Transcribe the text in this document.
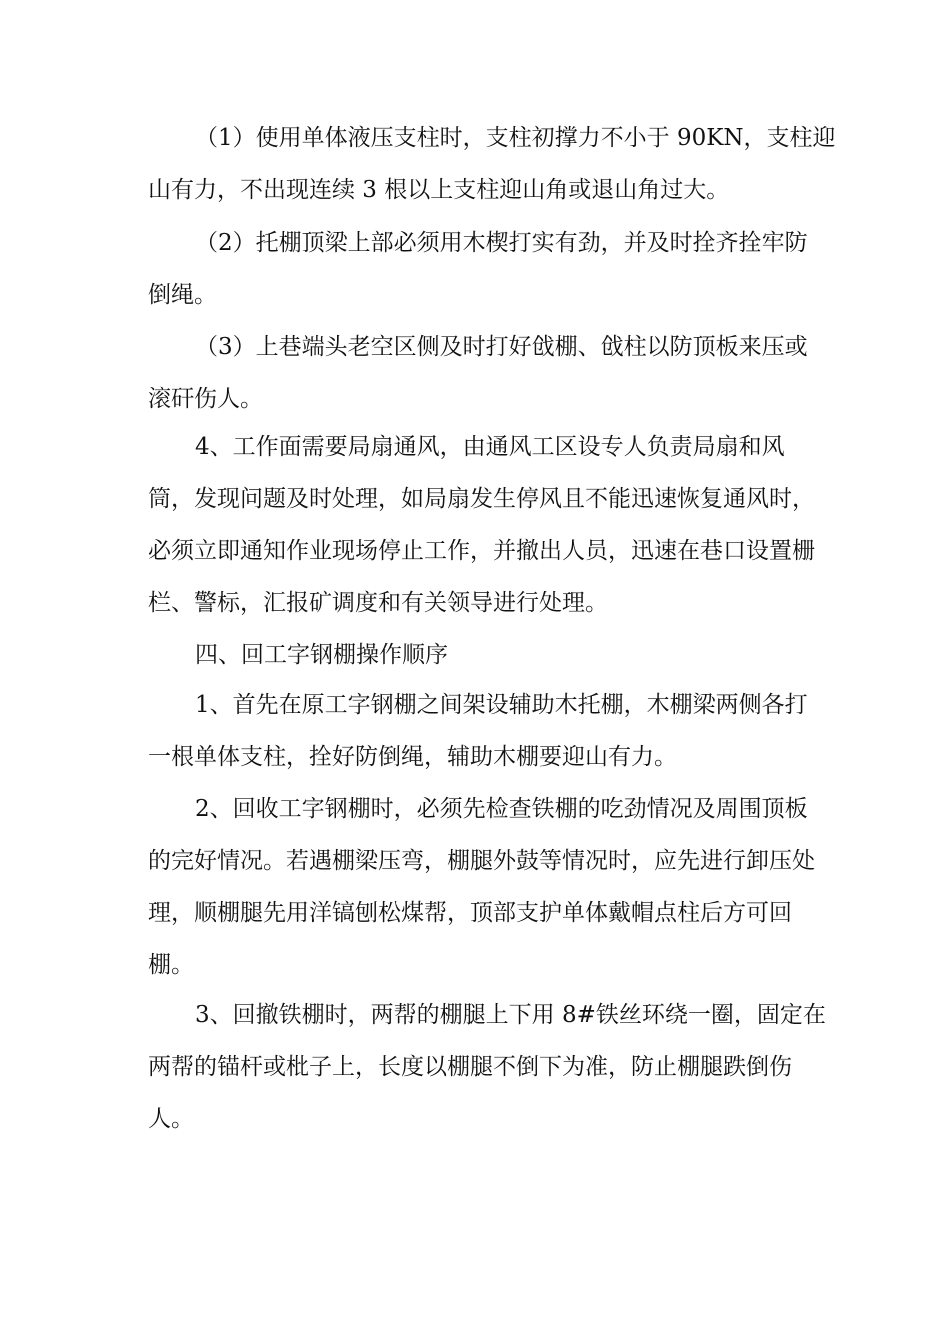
（1）使用单体液压支柱时，支柱初撑力不小于 90KN，支柱迎
山有力，不出现连续 3 根以上支柱迎山角或退山角过大。
（2）托棚顶梁上部必须用木楔打实有劲，并及时拴齐拴牢防
倒绳。
（3）上巷端头老空区侧及时打好戗棚、戗柱以防顶板来压或
滚矸伤人。
4、工作面需要局扇通风，由通风工区设专人负责局扇和风
筒，发现问题及时处理，如局扇发生停风且不能迅速恢复通风时，
必须立即通知作业现场停止工作，并撤出人员，迅速在巷口设置栅
栏、警标，汇报矿调度和有关领导进行处理。
四、回工字钢棚操作顺序
1、首先在原工字钢棚之间架设辅助木托棚，木棚梁两侧各打
一根单体支柱，拴好防倒绳，辅助木棚要迎山有力。
2、回收工字钢棚时，必须先检查铁棚的吃劲情况及周围顶板
的完好情况。若遇棚梁压弯，棚腿外鼓等情况时，应先进行卸压处
理，顺棚腿先用洋镐刨松煤帮，顶部支护单体戴帽点柱后方可回
棚。
3、回撤铁棚时，两帮的棚腿上下用 8#铁丝环绕一圈，固定在
两帮的锚杆或枇子上，长度以棚腿不倒下为准，防止棚腿跌倒伤
人。
